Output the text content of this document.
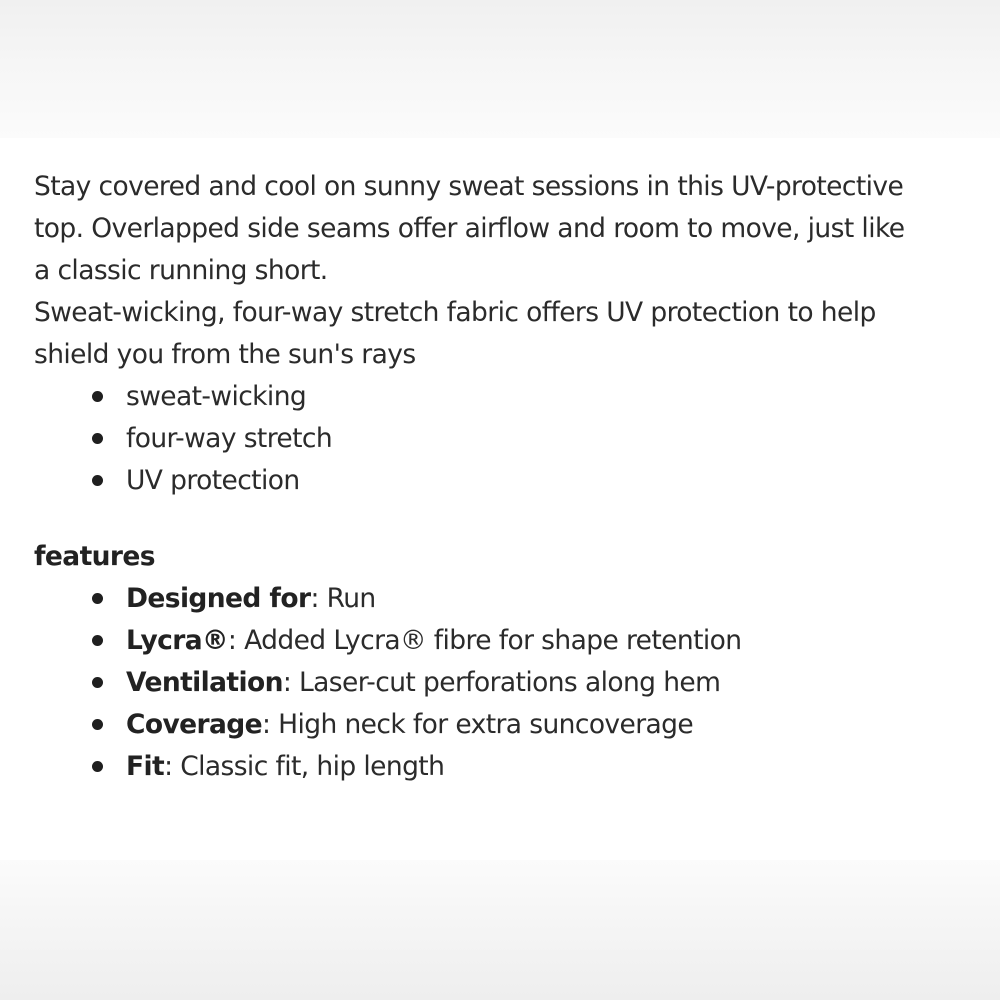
Stay covered and cool on sunny sweat sessions in this UV-protective
top. Overlapped side seams offer airflow and room to move, just like
a classic running short.
Sweat-wicking, four-way stretch fabric offers UV protection to help
shield you from the sun's rays

sweat-wicking
four-way stretch
UV protection
features
Designed for: Run
Lycra®: Added Lycra® fibre for shape retention
Ventilation: Laser-cut perforations along hem
Coverage: High neck for extra suncoverage
Fit: Classic fit, hip length
